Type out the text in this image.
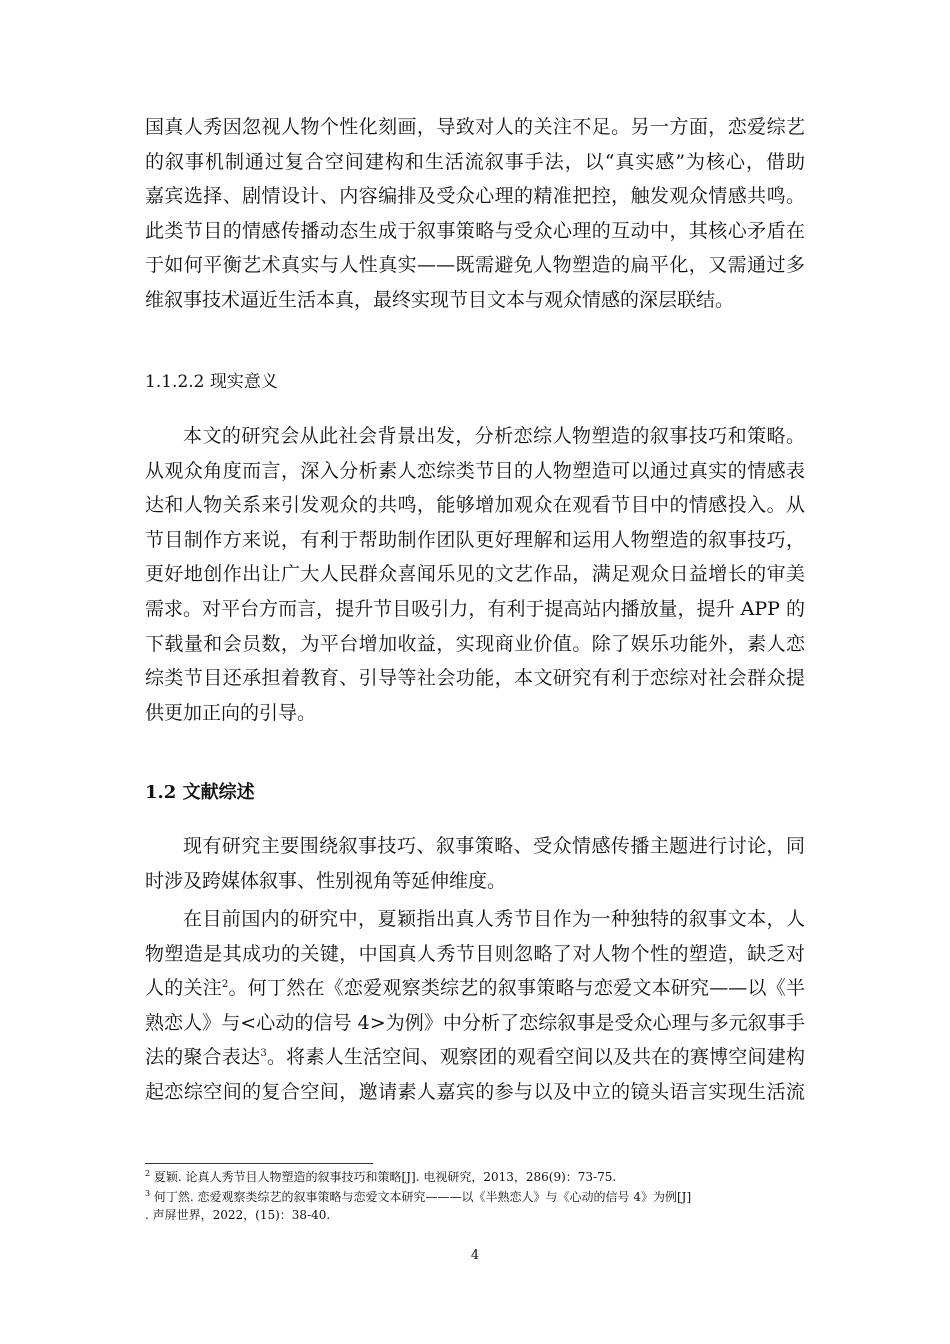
国真人秀因忽视人物个性化刻画，导致对人的关注不足。另一方面，恋爱综艺
的叙事机制通过复合空间建构和生活流叙事手法，以“真实感”为核心，借助
嘉宾选择、剧情设计、内容编排及受众心理的精准把控，触发观众情感共鸣。
此类节目的情感传播动态生成于叙事策略与受众心理的互动中，其核心矛盾在
于如何平衡艺术真实与人性真实——既需避免人物塑造的扁平化，又需通过多
维叙事技术逼近生活本真，最终实现节目文本与观众情感的深层联结。
1.1.2.2 现实意义
本文的研究会从此社会背景出发，分析恋综人物塑造的叙事技巧和策略。
从观众角度而言，深入分析素人恋综类节目的人物塑造可以通过真实的情感表
达和人物关系来引发观众的共鸣，能够增加观众在观看节目中的情感投入。从
节目制作方来说，有利于帮助制作团队更好理解和运用人物塑造的叙事技巧，
更好地创作出让广大人民群众喜闻乐见的文艺作品，满足观众日益增长的审美
需求。对平台方而言，提升节目吸引力，有利于提高站内播放量，提升 APP 的
下载量和会员数，为平台增加收益，实现商业价值。除了娱乐功能外，素人恋
综类节目还承担着教育、引导等社会功能，本文研究有利于恋综对社会群众提
供更加正向的引导。
1.2 文献综述
现有研究主要围绕叙事技巧、叙事策略、受众情感传播主题进行讨论，同
时涉及跨媒体叙事、性别视角等延伸维度。
在目前国内的研究中，夏颖指出真人秀节目作为一种独特的叙事文本，人
物塑造是其成功的关键，中国真人秀节目则忽略了对人物个性的塑造，缺乏对
人的关注$^2$。何丁然在《恋爱观察类综艺的叙事策略与恋爱文本研究——以《半
熟恋人》与<心动的信号 4>为例》中分析了恋综叙事是受众心理与多元叙事手
法的聚合表达$^3$。将素人生活空间、观察团的观看空间以及共在的赛博空间建构
起恋综空间的复合空间，邀请素人嘉宾的参与以及中立的镜头语言实现生活流
$^2$ 夏颖. 论真人秀节目人物塑造的叙事技巧和策略[J]. 电视研究，2013，286(9)：73-75.
$^3$ 何丁然. 恋爱观察类综艺的叙事策略与恋爱文本研究———以《半熟恋人》与《心动的信号 4》为例[J]
. 声屏世界，2022，(15)：38-40.
4
